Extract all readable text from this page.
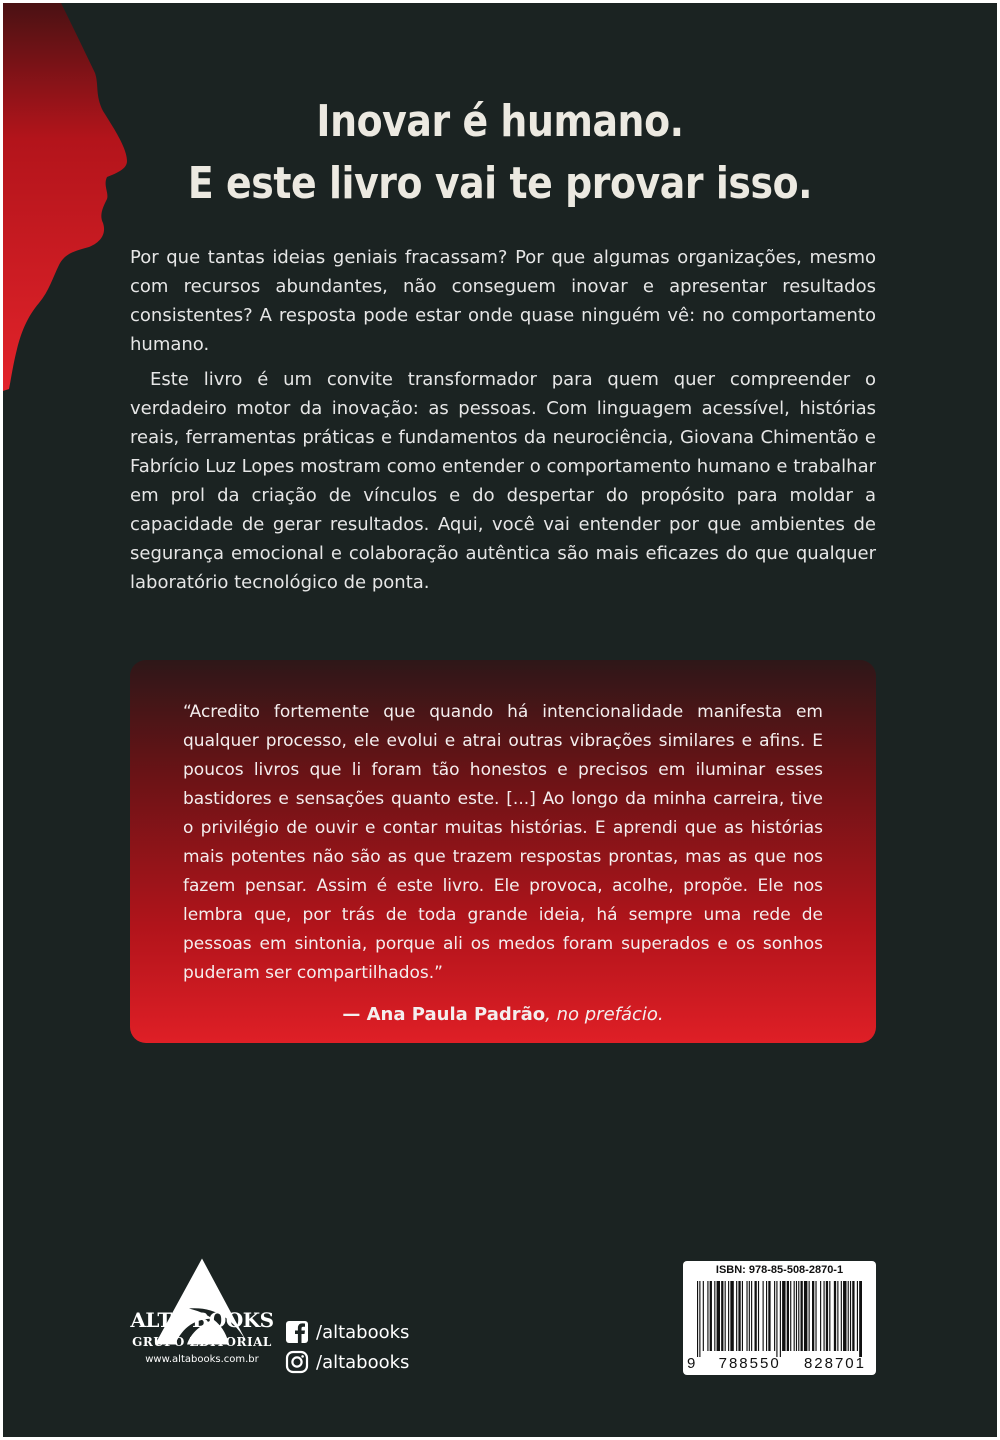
Inovar é humano.
E este livro vai te provar isso.

Por que tantas ideias geniais fracassam? Por que algumas organizações, mesmo com recursos abundantes, não conseguem inovar e apresentar resultados consistentes? A resposta pode estar onde quase ninguém vê: no comportamento humano.

Este livro é um convite transformador para quem quer compreender o verdadeiro motor da inovação: as pessoas. Com linguagem acessível, histórias reais, ferramentas práticas e fundamentos da neurociência, Giovana Chimentão e Fabrício Luz Lopes mostram como entender o comportamento humano e trabalhar em prol da criação de vínculos e do despertar do propósito para moldar a capacidade de gerar resultados. Aqui, você vai entender por que ambientes de segurança emocional e colaboração autêntica são mais eficazes do que qualquer laboratório tecnológico de ponta.

“Acredito fortemente que quando há intencionalidade manifesta em qualquer processo, ele evolui e atrai outras vibrações similares e afins. E poucos livros que li foram tão honestos e precisos em iluminar esses bastidores e sensações quanto este. [...] Ao longo da minha carreira, tive o privilégio de ouvir e contar muitas histórias. E aprendi que as histórias mais potentes não são as que trazem respostas prontas, mas as que nos fazem pensar. Assim é este livro. Ele provoca, acolhe, propõe. Ele nos lembra que, por trás de toda grande ideia, há sempre uma rede de pessoas em sintonia, porque ali os medos foram superados e os sonhos puderam ser compartilhados.”

— Ana Paula Padrão, no prefácio.
ALTA BOOKS
GRUPO EDITORIAL
www.altabooks.com.br
/altabooks
/altabooks
ISBN: 978-85-508-2870-1
9 788550 828701
